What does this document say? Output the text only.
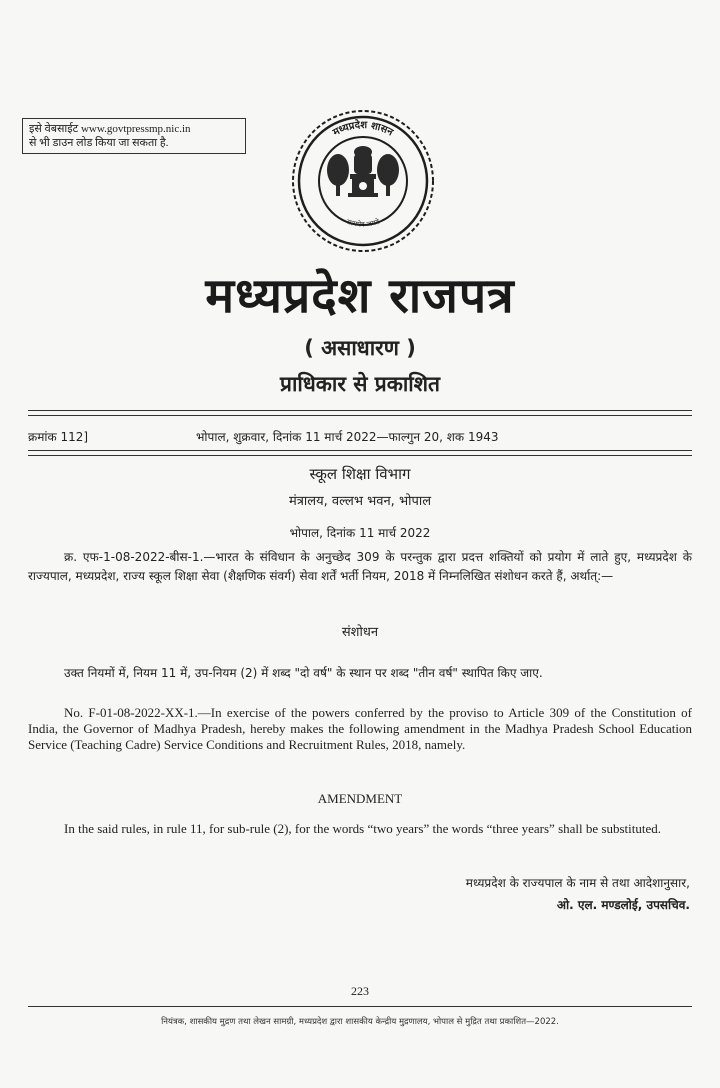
इसे वेबसाईट www.govtpressmp.nic.in
से भी डाउन लोड किया जा सकता है.
मध्यप्रदेश शासन
सत्यमेव जयते
मध्यप्रदेश राजपत्र
( असाधारण )
प्राधिकार से प्रकाशित
क्रमांक 112]	भोपाल, शुक्रवार, दिनांक 11 मार्च 2022—फाल्गुन 20, शक 1943
स्कूल शिक्षा विभाग
मंत्रालय, वल्लभ भवन, भोपाल
भोपाल, दिनांक 11 मार्च 2022
क्र. एफ-1-08-2022-बीस-1.—भारत के संविधान के अनुच्छेद 309 के परन्तुक द्वारा प्रदत्त शक्तियों को प्रयोग में लाते हुए, मध्यप्रदेश के राज्यपाल, मध्यप्रदेश, राज्य स्कूल शिक्षा सेवा (शैक्षणिक संवर्ग) सेवा शर्तें भर्ती नियम, 2018 में निम्नलिखित संशोधन करते हैं, अर्थात्:—
संशोधन
उक्त नियमों में, नियम 11 में, उप-नियम (2) में शब्द "दो वर्ष" के स्थान पर शब्द "तीन वर्ष" स्थापित किए जाए.
No. F-01-08-2022-XX-1.—In exercise of the powers conferred by the proviso to Article 309 of the Constitution of India, the Governor of Madhya Pradesh, hereby makes the following amendment in the Madhya Pradesh School Education Service (Teaching Cadre) Service Conditions and Recruitment Rules, 2018, namely.
AMENDMENT
In the said rules, in rule 11, for sub-rule (2), for the words “two years” the words “three years” shall be substituted.
मध्यप्रदेश के राज्यपाल के नाम से तथा आदेशानुसार,
ओ. एल. मण्डलोई, उपसचिव.
223
नियंत्रक, शासकीय मुद्रण तथा लेखन सामग्री, मध्यप्रदेश द्वारा शासकीय केन्द्रीय मुद्रणालय, भोपाल से मुद्रित तथा प्रकाशित—2022.
